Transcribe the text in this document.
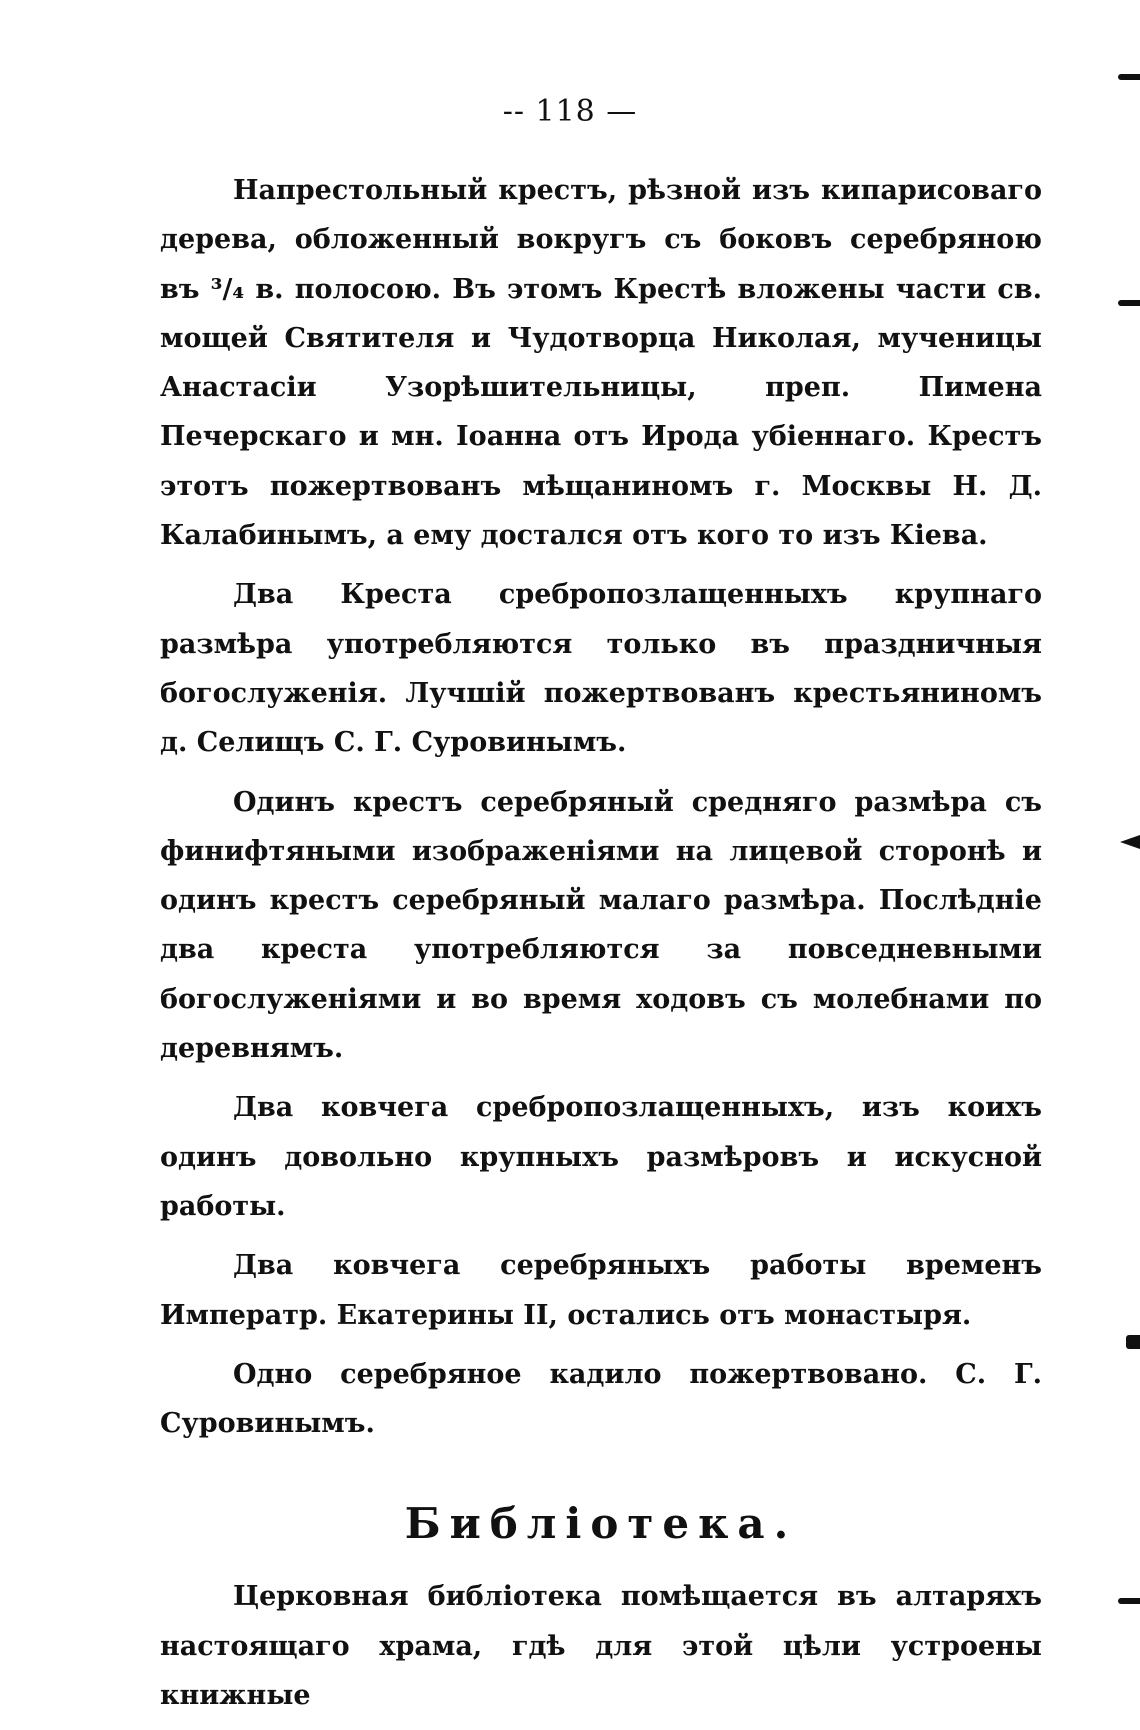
-- 118 —

Напрестольный крестъ, рѣзной изъ кипарисоваго дерева, обложенный вокругъ съ боковъ серебряною въ ³/₄ в. полосою. Въ этомъ Крестѣ вложены части св. мощей Святителя и Чудотворца Николая, мученицы Анастасіи Узорѣшительницы, преп. Пимена Печерскаго и мн. Іоанна отъ Ирода убіеннаго. Крестъ этотъ пожертвованъ мѣщаниномъ г. Москвы Н. Д. Калабинымъ, а ему достался отъ кого то изъ Кіева.

Два Креста сребропозлащенныхъ крупнаго размѣра употребляются только въ праздничныя богослуженія. Лучшій пожертвованъ крестьяниномъ д. Селищъ С. Г. Суровинымъ.

Одинъ крестъ серебряный средняго размѣра съ финифтяными изображеніями на лицевой сторонѣ и одинъ крестъ серебряный малаго размѣра. Послѣдніе два креста употребляются за повседневными богослуженіями и во время ходовъ съ молебнами по деревнямъ.

Два ковчега сребропозлащенныхъ, изъ коихъ одинъ довольно крупныхъ размѣровъ и искусной работы.

Два ковчега серебряныхъ работы временъ Императр. Екатерины II, остались отъ монастыря.

Одно серебряное кадило пожертвовано. С. Г. Суровинымъ.

Библіотека.

Церковная библіотека помѣщается въ алтаряхъ настоящаго храма, гдѣ для этой цѣли устроены книжные
